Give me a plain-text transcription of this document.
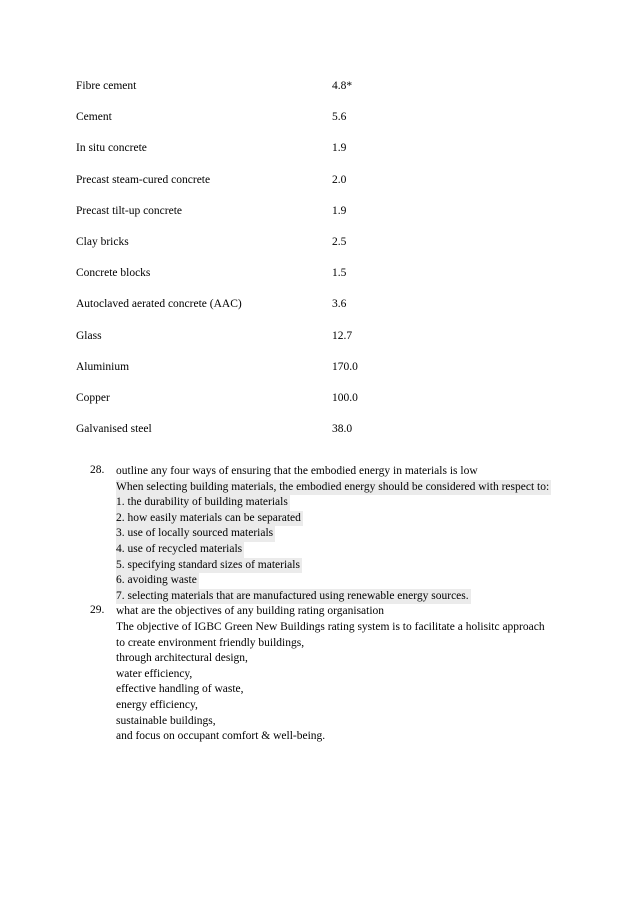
Fibre cement	4.8*
Cement	5.6
In situ concrete	1.9
Precast steam-cured concrete	2.0
Precast tilt-up concrete	1.9
Clay bricks	2.5
Concrete blocks	1.5
Autoclaved aerated concrete (AAC)	3.6
Glass	12.7
Aluminium	170.0
Copper	100.0
Galvanised steel	38.0
28.	outline any four ways of ensuring that the embodied energy in materials is low
When selecting building materials, the embodied energy should be considered with respect to:
1. the durability of building materials
2. how easily materials can be separated
3. use of locally sourced materials
4. use of recycled materials
5. specifying standard sizes of materials
6. avoiding waste
7. selecting materials that are manufactured using renewable energy sources.
29.	what are the objectives of any building rating organisation
The objective of IGBC Green New Buildings rating system is to facilitate a holisitc approach
to create environment friendly buildings,
through architectural design,
water efficiency,
effective handling of waste,
energy efficiency,
sustainable buildings,
and focus on occupant comfort & well-being.
